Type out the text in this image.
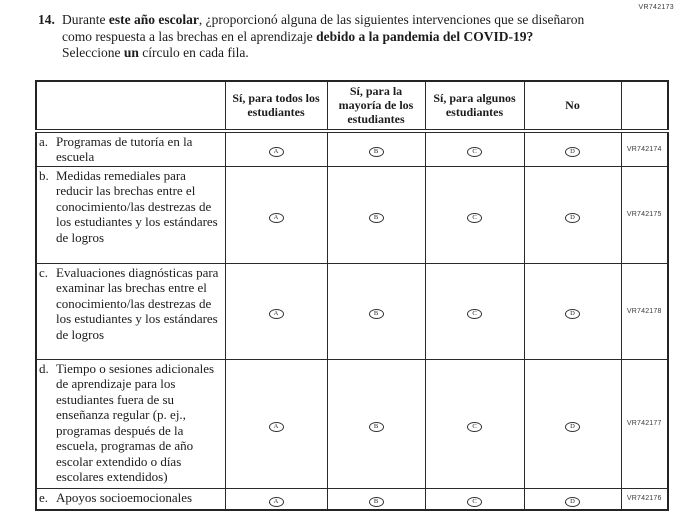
VR742173
14. Durante este año escolar, ¿proporcionó alguna de las siguientes intervenciones que se diseñaron como respuesta a las brechas en el aprendizaje debido a la pandemia del COVID-19? Seleccione un círculo en cada fila.
	Sí, para todos los estudiantes	Sí, para la mayoría de los estudiantes	Sí, para algunos estudiantes	No	

a. Programas de tutoría en la escuela	A	B	C	D	VR742174

b. Medidas remediales para reducir las brechas entre el conocimiento/las destrezas de los estudiantes y los estándares de logros	A	B	C	D	VR742175

c. Evaluaciones diagnósticas para examinar las brechas entre el conocimiento/las destrezas de los estudiantes y los estándares de logros	A	B	C	D	VR742178

d. Tiempo o sesiones adicionales de aprendizaje para los estudiantes fuera de su enseñanza regular (p. ej., programas después de la escuela, programas de año escolar extendido o días escolares extendidos)	A	B	C	D	VR742177

e. Apoyos socioemocionales	A	B	C	D	VR742176
